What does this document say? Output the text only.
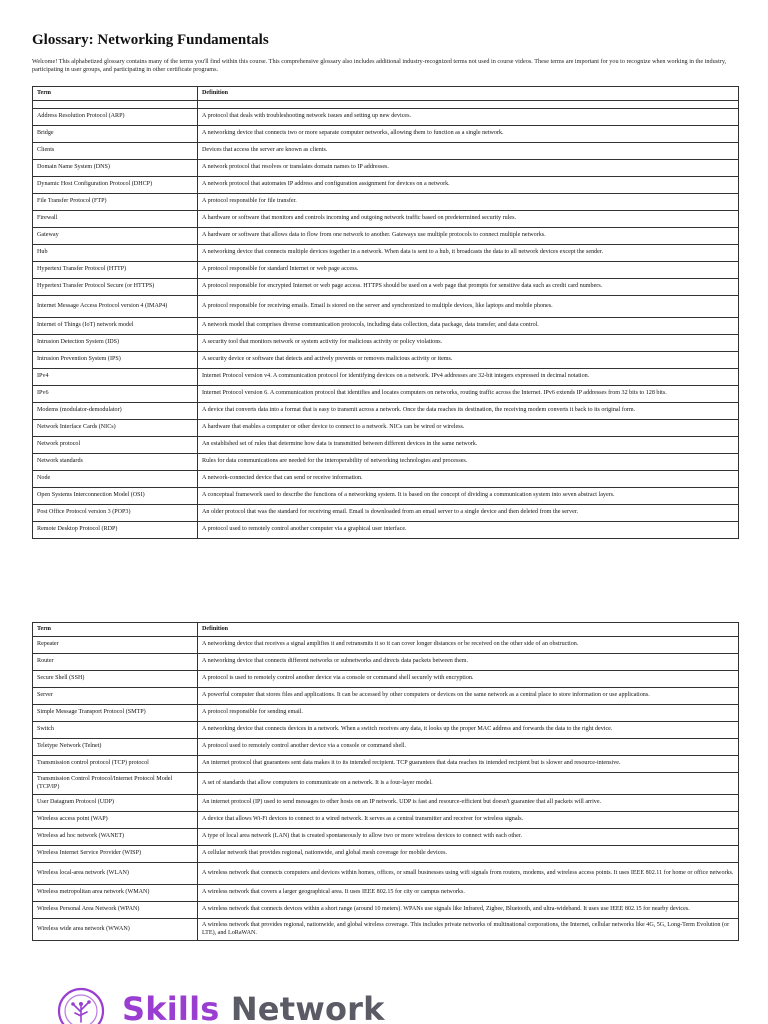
Glossary: Networking Fundamentals
Welcome! This alphabetized glossary contains many of the terms you'll find within this course. This comprehensive glossary also includes additional industry-recognized terms not used in course videos. These terms are important for you to recognize when working in the industry, participating in user groups, and participating in other certificate programs.
Term	Definition

Address Resolution Protocol (ARP)	A protocol that deals with troubleshooting network issues and setting up new devices.
Bridge	A networking device that connects two or more separate computer networks, allowing them to function as a single network.
Clients	Devices that access the server are known as clients.
Domain Name System (DNS)	A network protocol that resolves or translates domain names to IP addresses.
Dynamic Host Configuration Protocol (DHCP)	A network protocol that automates IP address and configuration assignment for devices on a network.
File Transfer Protocol (FTP)	A protocol responsible for file transfer.
Firewall	A hardware or software that monitors and controls incoming and outgoing network traffic based on predetermined security rules.
Gateway	A hardware or software that allows data to flow from one network to another. Gateways use multiple protocols to connect multiple networks.
Hub	A networking device that connects multiple devices together in a network. When data is sent to a hub, it broadcasts the data to all network devices except the sender.
Hypertext Transfer Protocol (HTTP)	A protocol responsible for standard Internet or web page access.
Hypertext Transfer Protocol Secure (or HTTPS)	A protocol responsible for encrypted Internet or web page access. HTTPS should be used on a web page that prompts for sensitive data such as credit card numbers.
Internet Message Access Protocol version 4 (IMAP4)	A protocol responsible for receiving emails. Email is stored on the server and synchronized to multiple devices, like laptops and mobile phones.
Internet of Things (IoT) network model	A network model that comprises diverse communication protocols, including data collection, data package, data transfer, and data control.
Intrusion Detection System (IDS)	A security tool that monitors network or system activity for malicious activity or policy violations.
Intrusion Prevention System (IPS)	A security device or software that detects and actively prevents or removes malicious activity or items.
IPv4	Internet Protocol version v4. A communication protocol for identifying devices on a network. IPv4 addresses are 32-bit integers expressed in decimal notation.
IPv6	Internet Protocol version 6. A communication protocol that identifies and locates computers on networks, routing traffic across the Internet. IPv6 extends IP addresses from 32 bits to 128 bits.
Modems (modulator-demodulator)	A device that converts data into a format that is easy to transmit across a network. Once the data reaches its destination, the receiving modem converts it back to its original form.
Network Interface Cards (NICs)	A hardware that enables a computer or other device to connect to a network. NICs can be wired or wireless.
Network protocol	An established set of rules that determine how data is transmitted between different devices in the same network.
Network standards	Rules for data communications are needed for the interoperability of networking technologies and processes.
Node	A network-connected device that can send or receive information.
Open Systems Interconnection Model (OSI)	A conceptual framework used to describe the functions of a networking system. It is based on the concept of dividing a communication system into seven abstract layers.
Post Office Protocol version 3 (POP3)	An older protocol that was the standard for receiving email. Email is downloaded from an email server to a single device and then deleted from the server.
Remote Desktop Protocol (RDP)	A protocol used to remotely control another computer via a graphical user interface.
Term	Definition
Repeater	A networking device that receives a signal amplifies it and retransmits it so it can cover longer distances or be received on the other side of an obstruction.
Router	A networking device that connects different networks or subnetworks and directs data packets between them.
Secure Shell (SSH)	A protocol is used to remotely control another device via a console or command shell securely with encryption.
Server	A powerful computer that stores files and applications. It can be accessed by other computers or devices on the same network as a central place to store information or use applications.
Simple Message Transport Protocol (SMTP)	A protocol responsible for sending email.
Switch	A networking device that connects devices in a network. When a switch receives any data, it looks up the proper MAC address and forwards the data to the right device.
Teletype Network (Telnet)	A protocol used to remotely control another device via a console or command shell.
Transmission control protocol (TCP) protocol	An internet protocol that guarantees sent data makes it to its intended recipient. TCP guarantees that data reaches its intended recipient but is slower and resource-intensive.
Transmission Control Protocol/Internet Protocol Model (TCP/IP)	A set of standards that allow computers to communicate on a network. It is a four-layer model.
User Datagram Protocol (UDP)	An internet protocol (IP) used to send messages to other hosts on an IP network. UDP is fast and resource-efficient but doesn't guarantee that all packets will arrive.
Wireless access point (WAP)	A device that allows Wi-Fi devices to connect to a wired network. It serves as a central transmitter and receiver for wireless signals.
Wireless ad hoc network (WANET)	A type of local area network (LAN) that is created spontaneously to allow two or more wireless devices to connect with each other.
Wireless Internet Service Provider (WISP)	A cellular network that provides regional, nationwide, and global mesh coverage for mobile devices.
Wireless local-area network (WLAN)	A wireless network that connects computers and devices within homes, offices, or small businesses using wifi signals from routers, modems, and wireless access points. It uses IEEE 802.11 for home or office networks.
Wireless metropolitan area network (WMAN)	A wireless network that covers a larger geographical area. It uses IEEE 802.15 for city or campus networks.
Wireless Personal Area Network (WPAN)	A wireless network that connects devices within a short range (around 10 meters). WPANs use signals like Infrared, Zigbee, Bluetooth, and ultra-wideband. It uses use IEEE 802.15 for nearby devices.
Wireless wide area network (WWAN)	A wireless network that provides regional, nationwide, and global wireless coverage. This includes private networks of multinational corporations, the Internet, cellular networks like 4G, 5G, Long-Term Evolution (or LTE), and LoRaWAN.
Skills Network
